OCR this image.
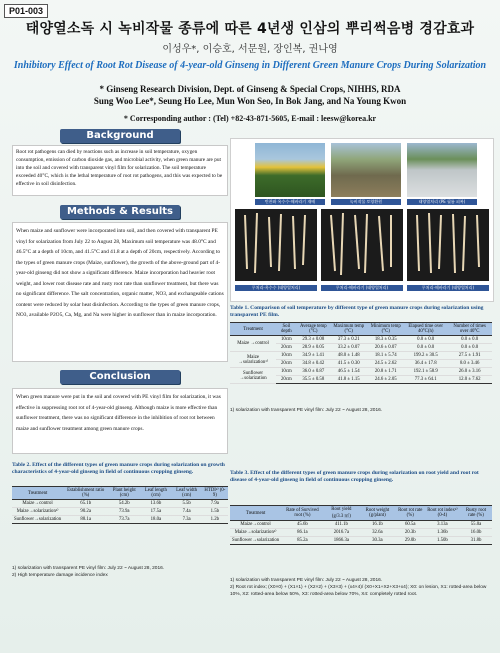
P01-003
태양열소독 시 녹비작물 종류에 따른 4년생 인삼의 뿌리썩음병 경감효과
이성우*, 이승호, 서문원, 장인복, 권나영
Inhibitory Effect of Root Rot Disease of 4-year-old Ginseng in Different Green Manure Crops During Solarization
* Ginseng Research Division, Dept. of Ginseng & Special Crops, NIHHS, RDA
Sung Woo Lee*, Seung Ho Lee, Mun Won Seo, In Bok Jang, and Na Young Kwon
* Corresponding author : (Tel) +82-43-871-5605, E-mail : leesw@korea.kr
Background
Root rot pathogens can died by reactions such as increase in soil temperature, oxygen consumption, emission of carbon dioxide gas, and microbial activity, when green manure are put into the soil and covered with transparent vinyl film for solarization. The soil temperature exceeded 40°C, which is the lethal temperature of root rot pathogens, and this was expected to be effective in soil disinfection.
Methods & Results
When maize and sunflower were incorporated into soil, and then covered with transparent PE vinyl for solarization from July 22 to August 28, Maximum soil temperature was 48.0°C and 46.5°C at a depth of 10cm, and 41.5°C and 41.8 at a depth of 20cm, respectively. According to the types of green manure crops (Maize, sunflower), the growth of the above-ground part of 4-year-old ginseng did not show a significant difference. Maize incorporation had heavier root weight, and lower root disease rate and rusty root rate than sunflower treatment, but there was no significant difference. The salt concentration, organic matter, NO3, and exchangeable cations content were reduced by solar heat disinfection. According to the types of green manure crops, NO3, available P2O5, Ca, Mg, and Na were higher in sunflower than in maize incorporation.
Conclusion
When green manure were put in the soil and covered with PE vinyl film for solarization, it was effective in suppressing root rot of 4-year-old ginseng. Although maize is more effective than sunflower treatment, there was no significant difference in the inhibition of root rot between maize and sunflower treatment among green manure crops.
반찬좌 옥수수-해바라기 재배	녹비작물 토양환원	태양열처리 (PE 필름 피복)
무처리-옥수수 (태양열처리)	무처리-해바라기 (태양열처리)	무처리-해바라기 (태양열처리)
Table 1. Comparison of soil temperature by different type of green manure crops during solarization using transparent PE film.
Treatment	Soil depth	Average temp (°C)	Maximum temp (°C)	Minimum temp (°C)	Elapsed time over 40°C(h)	Number of times over 40°C
Maize →control	10cm	29.3 ± 0.08	37.3 ± 0.21	18.3 ± 0.35	0.0 ± 0.0	0.0 ± 0.0
	20cm	28.9 ± 0.05	33.2 ± 0.07	20.6 ± 0.07	0.0 ± 0.0	0.0 ± 0.0
Maize →solarization¹⁾	10cm	34.9 ± 1.41	48.0 ± 1.48	18.1 ± 5.74	199.2 ± 30.5	27.5 ± 1.91
	20cm	34.8 ± 0.42	41.5 ± 0.30	24.5 ± 2.62	36.4 ± 17.8	8.0 ± 3.46
Sunflower →solarization	10cm	36.0 ± 0.87	46.5 ± 1.54	20.8 ± 1.71	192.1 ± 58.9	26.0 ± 3.16
	20cm	35.5 ± 0.58	41.8 ± 1.15	24.6 ± 2.05	77.3 ± 64.1	12.0 ± 7.62
1) solarization with transparent PE vinyl film: July 22 ~ August 28, 2016.
Table 2. Effect of the different types of green manure crops during solarization on growth characteristics of 4-year-old ginseng in field of continuous cropping ginseng.
Treatment	Establishment ratio (%)	Plant height (cm)	Leaf length (cm)	Leaf width (cm)	HTDI²⁾ (0-9)
Maize→control	65.1b	54.2b	13.6b	5.5b	7.9a
Maize→solarization¹⁾	90.2a	73.9a	17.5a	7.4a	1.5b
Sunflower→solarization	88.1a	73.7a	18.0a	7.3a	1.2b
1) solarization with transparent PE vinyl film: July 22 ~ August 28, 2016.
2) High temperature damage incidence index
Table 3. Effect of the different types of green manure crops during solarization on root yield and root rot disease of 4-year-old ginseng in field of continuous cropping ginseng.
Treatment	Rate of Survived root (%)	Root yield (g/3.3 ㎡)	Root weight (g/plant)	Root rot rate (%)	Root rot index²⁾ (0-4)	Rusty root rate (%)
Maize→control	45.6b	411.1b	16.1b	60.5a	3.13a	55.0a
Maize→solarization¹⁾	86.1a	2016.7a	32.6a	20.3b	1.36b	16.0b
Sunflower→solarization	85.2a	1866.3a	30.3a	29.0b	1.50b	31.8b
1) solarization with transparent PE vinyl film: July 22 ~ August 28, 2016.
2) Root rot index; (X0×0) + (X1×1) + (X2×2) + (X3×3) + (x4×4)/ (X0+X1+X2+X3+x4); X0: on lesion, X1: rotted-area below 10%, X2: rotted-area below 50%, X3: rotted-area below 70%, X4: completely rotted root.
